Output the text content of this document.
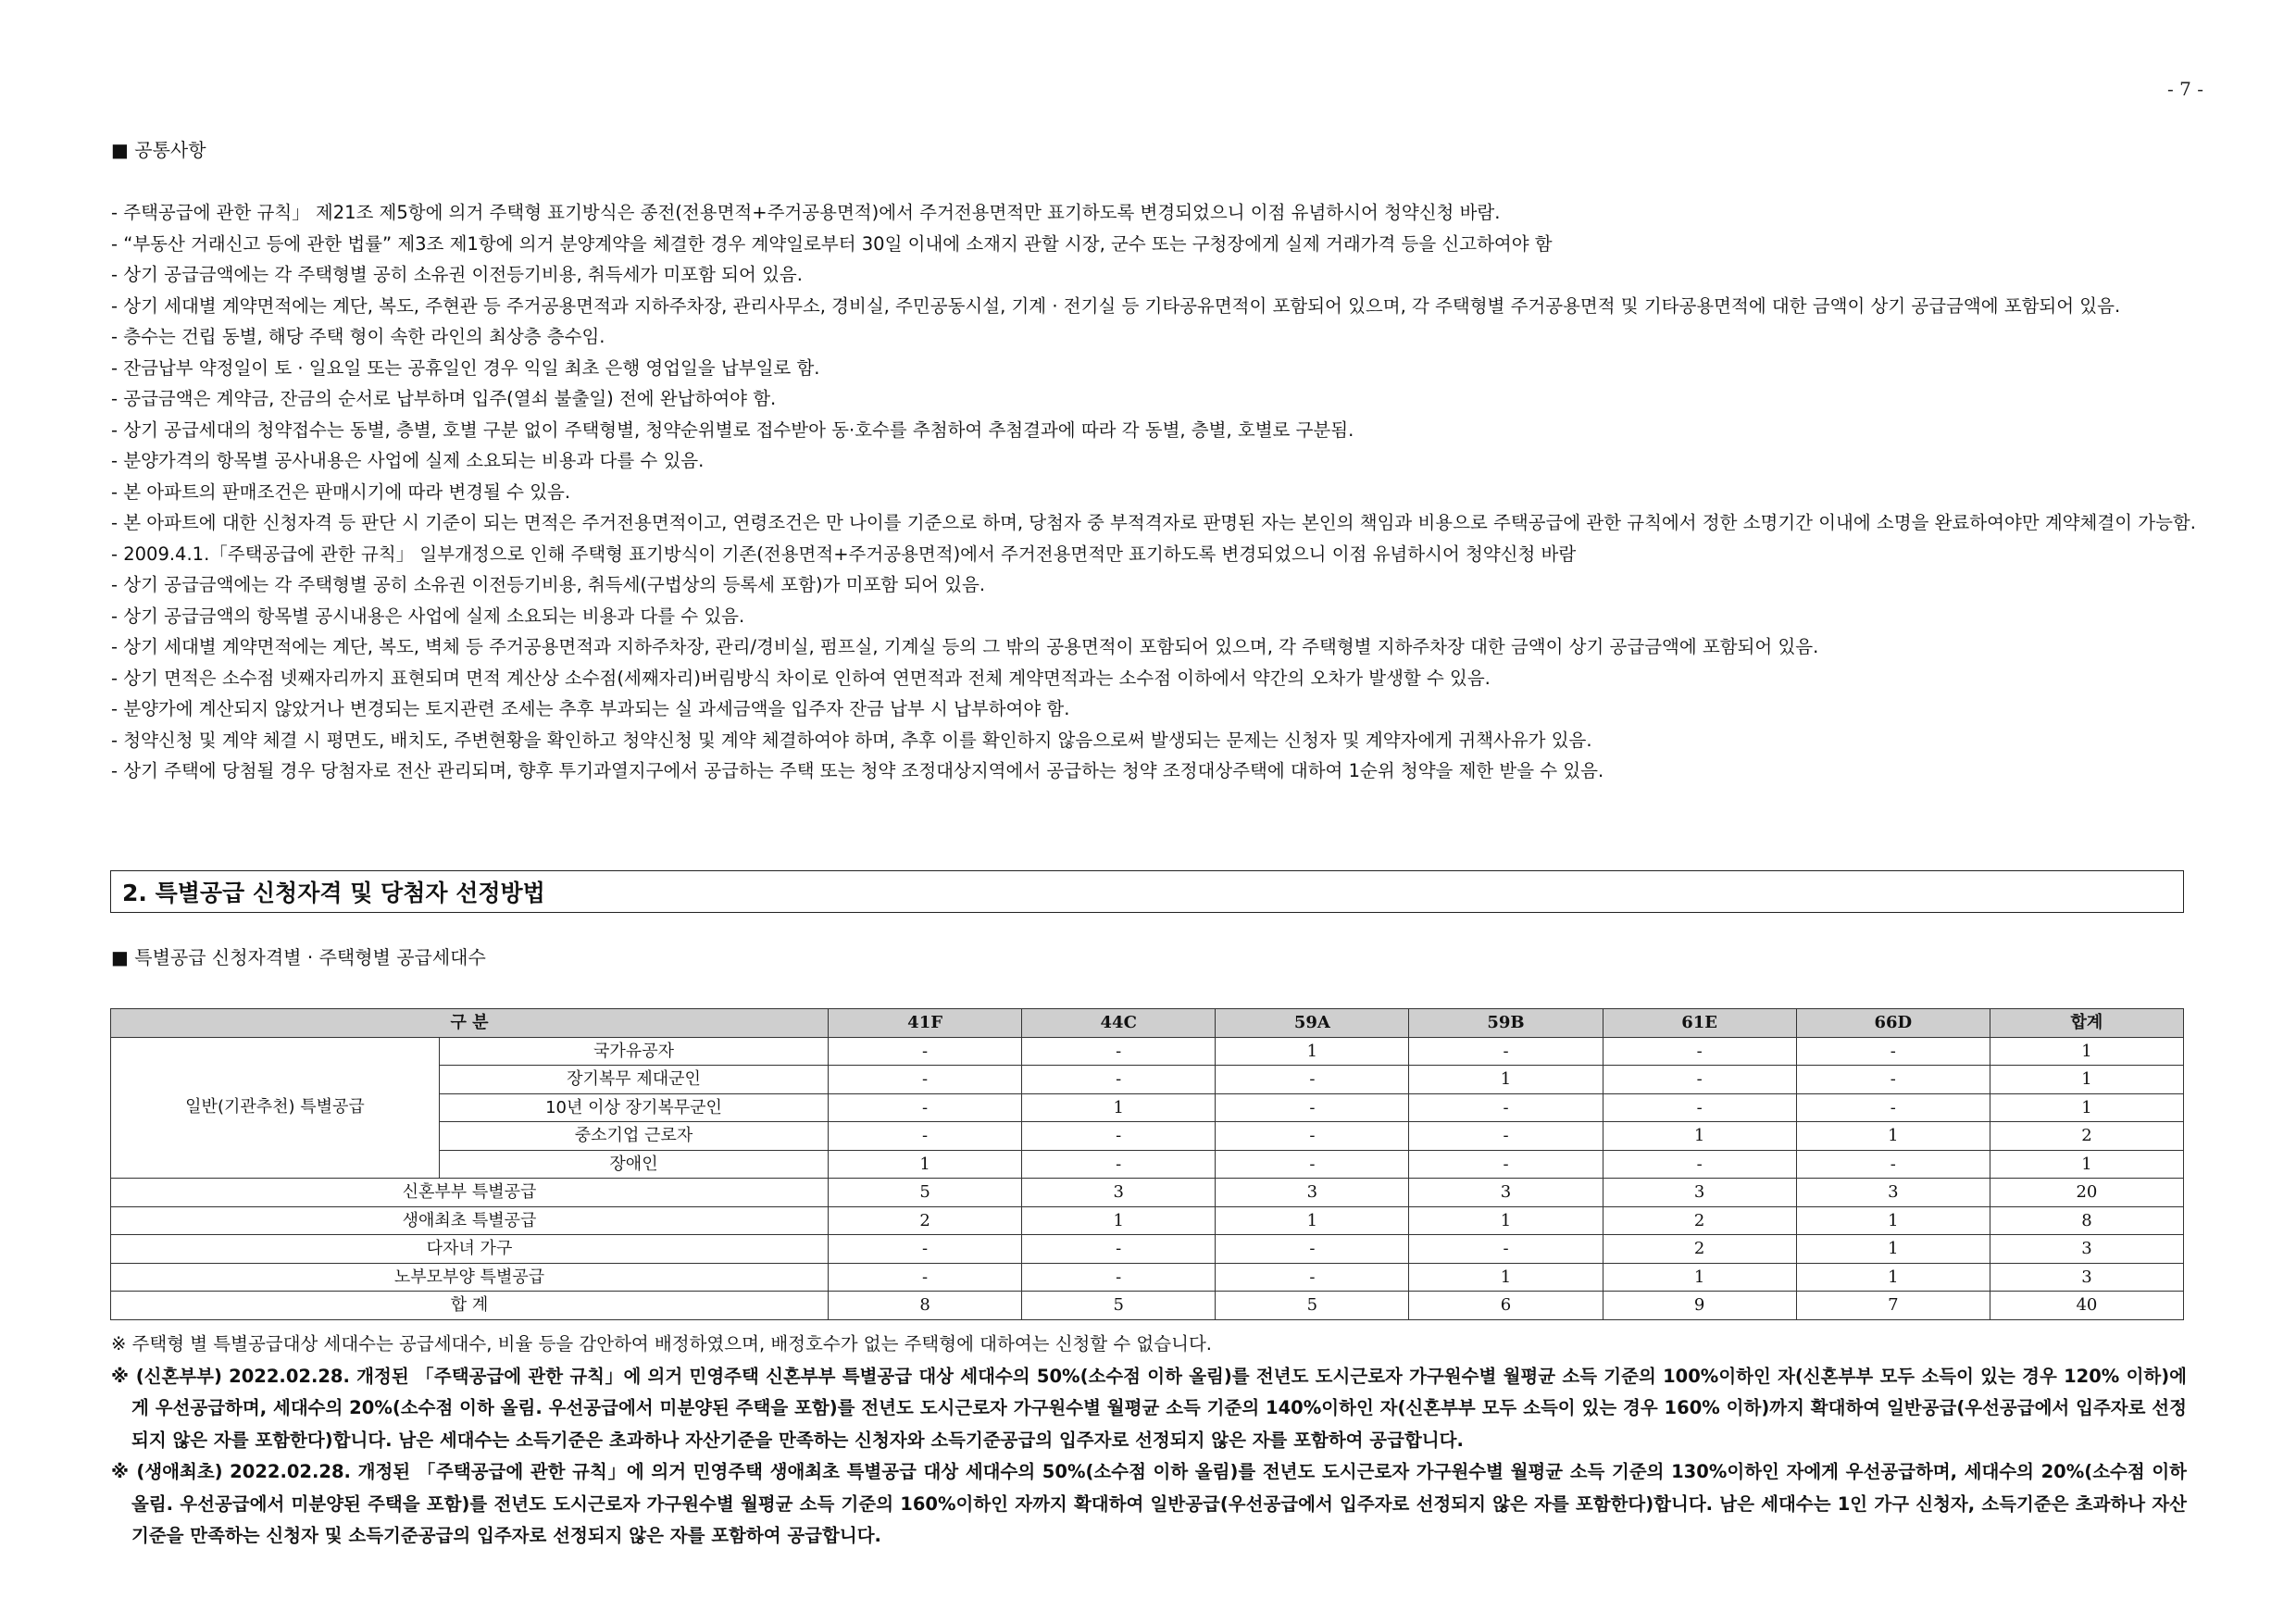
- 7 -
■ 공통사항
- 주택공급에 관한 규칙」 제21조 제5항에 의거 주택형 표기방식은 종전(전용면적+주거공용면적)에서 주거전용면적만 표기하도록 변경되었으니 이점 유념하시어 청약신청 바람.
- “부동산 거래신고 등에 관한 법률” 제3조 제1항에 의거 분양계약을 체결한 경우 계약일로부터 30일 이내에 소재지 관할 시장, 군수 또는 구청장에게 실제 거래가격 등을 신고하여야 함
- 상기 공급금액에는 각 주택형별 공히 소유권 이전등기비용, 취득세가 미포함 되어 있음.
- 상기 세대별 계약면적에는 계단, 복도, 주현관 등 주거공용면적과 지하주차장, 관리사무소, 경비실, 주민공동시설, 기계 · 전기실 등 기타공유면적이 포함되어 있으며, 각 주택형별 주거공용면적 및 기타공용면적에 대한 금액이 상기 공급금액에 포함되어 있음.
- 층수는 건립 동별, 해당 주택 형이 속한 라인의 최상층 층수임.
- 잔금납부 약정일이 토 · 일요일 또는 공휴일인 경우 익일 최초 은행 영업일을 납부일로 함.
- 공급금액은 계약금, 잔금의 순서로 납부하며 입주(열쇠 불출일) 전에 완납하여야 함.
- 상기 공급세대의 청약접수는 동별, 층별, 호별 구분 없이 주택형별, 청약순위별로 접수받아 동·호수를 추첨하여 추첨결과에 따라 각 동별, 층별, 호별로 구분됨.
- 분양가격의 항목별 공사내용은 사업에 실제 소요되는 비용과 다를 수 있음.
- 본 아파트의 판매조건은 판매시기에 따라 변경될 수 있음.
- 본 아파트에 대한 신청자격 등 판단 시 기준이 되는 면적은 주거전용면적이고, 연령조건은 만 나이를 기준으로 하며, 당첨자 중 부적격자로 판명된 자는 본인의 책임과 비용으로 주택공급에 관한 규칙에서 정한 소명기간 이내에 소명을 완료하여야만 계약체결이 가능함.
- 2009.4.1.「주택공급에 관한 규칙」 일부개정으로 인해 주택형 표기방식이 기존(전용면적+주거공용면적)에서 주거전용면적만 표기하도록 변경되었으니 이점 유념하시어 청약신청 바람
- 상기 공급금액에는 각 주택형별 공히 소유권 이전등기비용, 취득세(구법상의 등록세 포함)가 미포함 되어 있음.
- 상기 공급금액의 항목별 공시내용은 사업에 실제 소요되는 비용과 다를 수 있음.
- 상기 세대별 계약면적에는 계단, 복도, 벽체 등 주거공용면적과 지하주차장, 관리/경비실, 펌프실, 기계실 등의 그 밖의 공용면적이 포함되어 있으며, 각 주택형별 지하주차장 대한 금액이 상기 공급금액에 포함되어 있음.
- 상기 면적은 소수점 넷째자리까지 표현되며 면적 계산상 소수점(세째자리)버림방식 차이로 인하여 연면적과 전체 계약면적과는 소수점 이하에서 약간의 오차가 발생할 수 있음.
- 분양가에 계산되지 않았거나 변경되는 토지관련 조세는 추후 부과되는 실 과세금액을 입주자 잔금 납부 시 납부하여야 함.
- 청약신청 및 계약 체결 시 평면도, 배치도, 주변현황을 확인하고 청약신청 및 계약 체결하여야 하며, 추후 이를 확인하지 않음으로써 발생되는 문제는 신청자 및 계약자에게 귀책사유가 있음.
- 상기 주택에 당첨될 경우 당첨자로 전산 관리되며, 향후 투기과열지구에서 공급하는 주택 또는 청약 조정대상지역에서 공급하는 청약 조정대상주택에 대하여 1순위 청약을 제한 받을 수 있음.
2. 특별공급 신청자격 및 당첨자 선정방법
■ 특별공급 신청자격별 · 주택형별 공급세대수
구 분		41F	44C	59A	59B	61E	66D	합계
일반(기관추천) 특별공급	국가유공자	-	-	1	-	-	-	1
	장기복무 제대군인	-	-	-	1	-	-	1
	10년 이상 장기복무군인	-	1	-	-	-	-	1
	중소기업 근로자	-	-	-	-	1	1	2
	장애인	1	-	-	-	-	-	1
신혼부부 특별공급		5	3	3	3	3	3	20
생애최초 특별공급		2	1	1	1	2	1	8
다자녀 가구		-	-	-	-	2	1	3
노부모부양 특별공급		-	-	-	1	1	1	3
합 계		8	5	5	6	9	7	40
※ 주택형 별 특별공급대상 세대수는 공급세대수, 비율 등을 감안하여 배정하였으며, 배정호수가 없는 주택형에 대하여는 신청할 수 없습니다.
※ (신혼부부) 2022.02.28. 개정된 「주택공급에 관한 규칙」에 의거 민영주택 신혼부부 특별공급 대상 세대수의 50%(소수점 이하 올림)를 전년도 도시근로자 가구원수별 월평균 소득 기준의 100%이하인 자(신혼부부 모두 소득이 있는 경우 120% 이하)에게 우선공급하며, 세대수의 20%(소수점 이하 올림. 우선공급에서 미분양된 주택을 포함)를 전년도 도시근로자 가구원수별 월평균 소득 기준의 140%이하인 자(신혼부부 모두 소득이 있는 경우 160% 이하)까지 확대하여 일반공급(우선공급에서 입주자로 선정되지 않은 자를 포함한다)합니다. 남은 세대수는 소득기준은 초과하나 자산기준을 만족하는 신청자와 소득기준공급의 입주자로 선정되지 않은 자를 포함하여 공급합니다.
※ (생애최초) 2022.02.28. 개정된 「주택공급에 관한 규칙」에 의거 민영주택 생애최초 특별공급 대상 세대수의 50%(소수점 이하 올림)를 전년도 도시근로자 가구원수별 월평균 소득 기준의 130%이하인 자에게 우선공급하며, 세대수의 20%(소수점 이하 올림. 우선공급에서 미분양된 주택을 포함)를 전년도 도시근로자 가구원수별 월평균 소득 기준의 160%이하인 자까지 확대하여 일반공급(우선공급에서 입주자로 선정되지 않은 자를 포함한다)합니다. 남은 세대수는 1인 가구 신청자, 소득기준은 초과하나 자산기준을 만족하는 신청자 및 소득기준공급의 입주자로 선정되지 않은 자를 포함하여 공급합니다.
